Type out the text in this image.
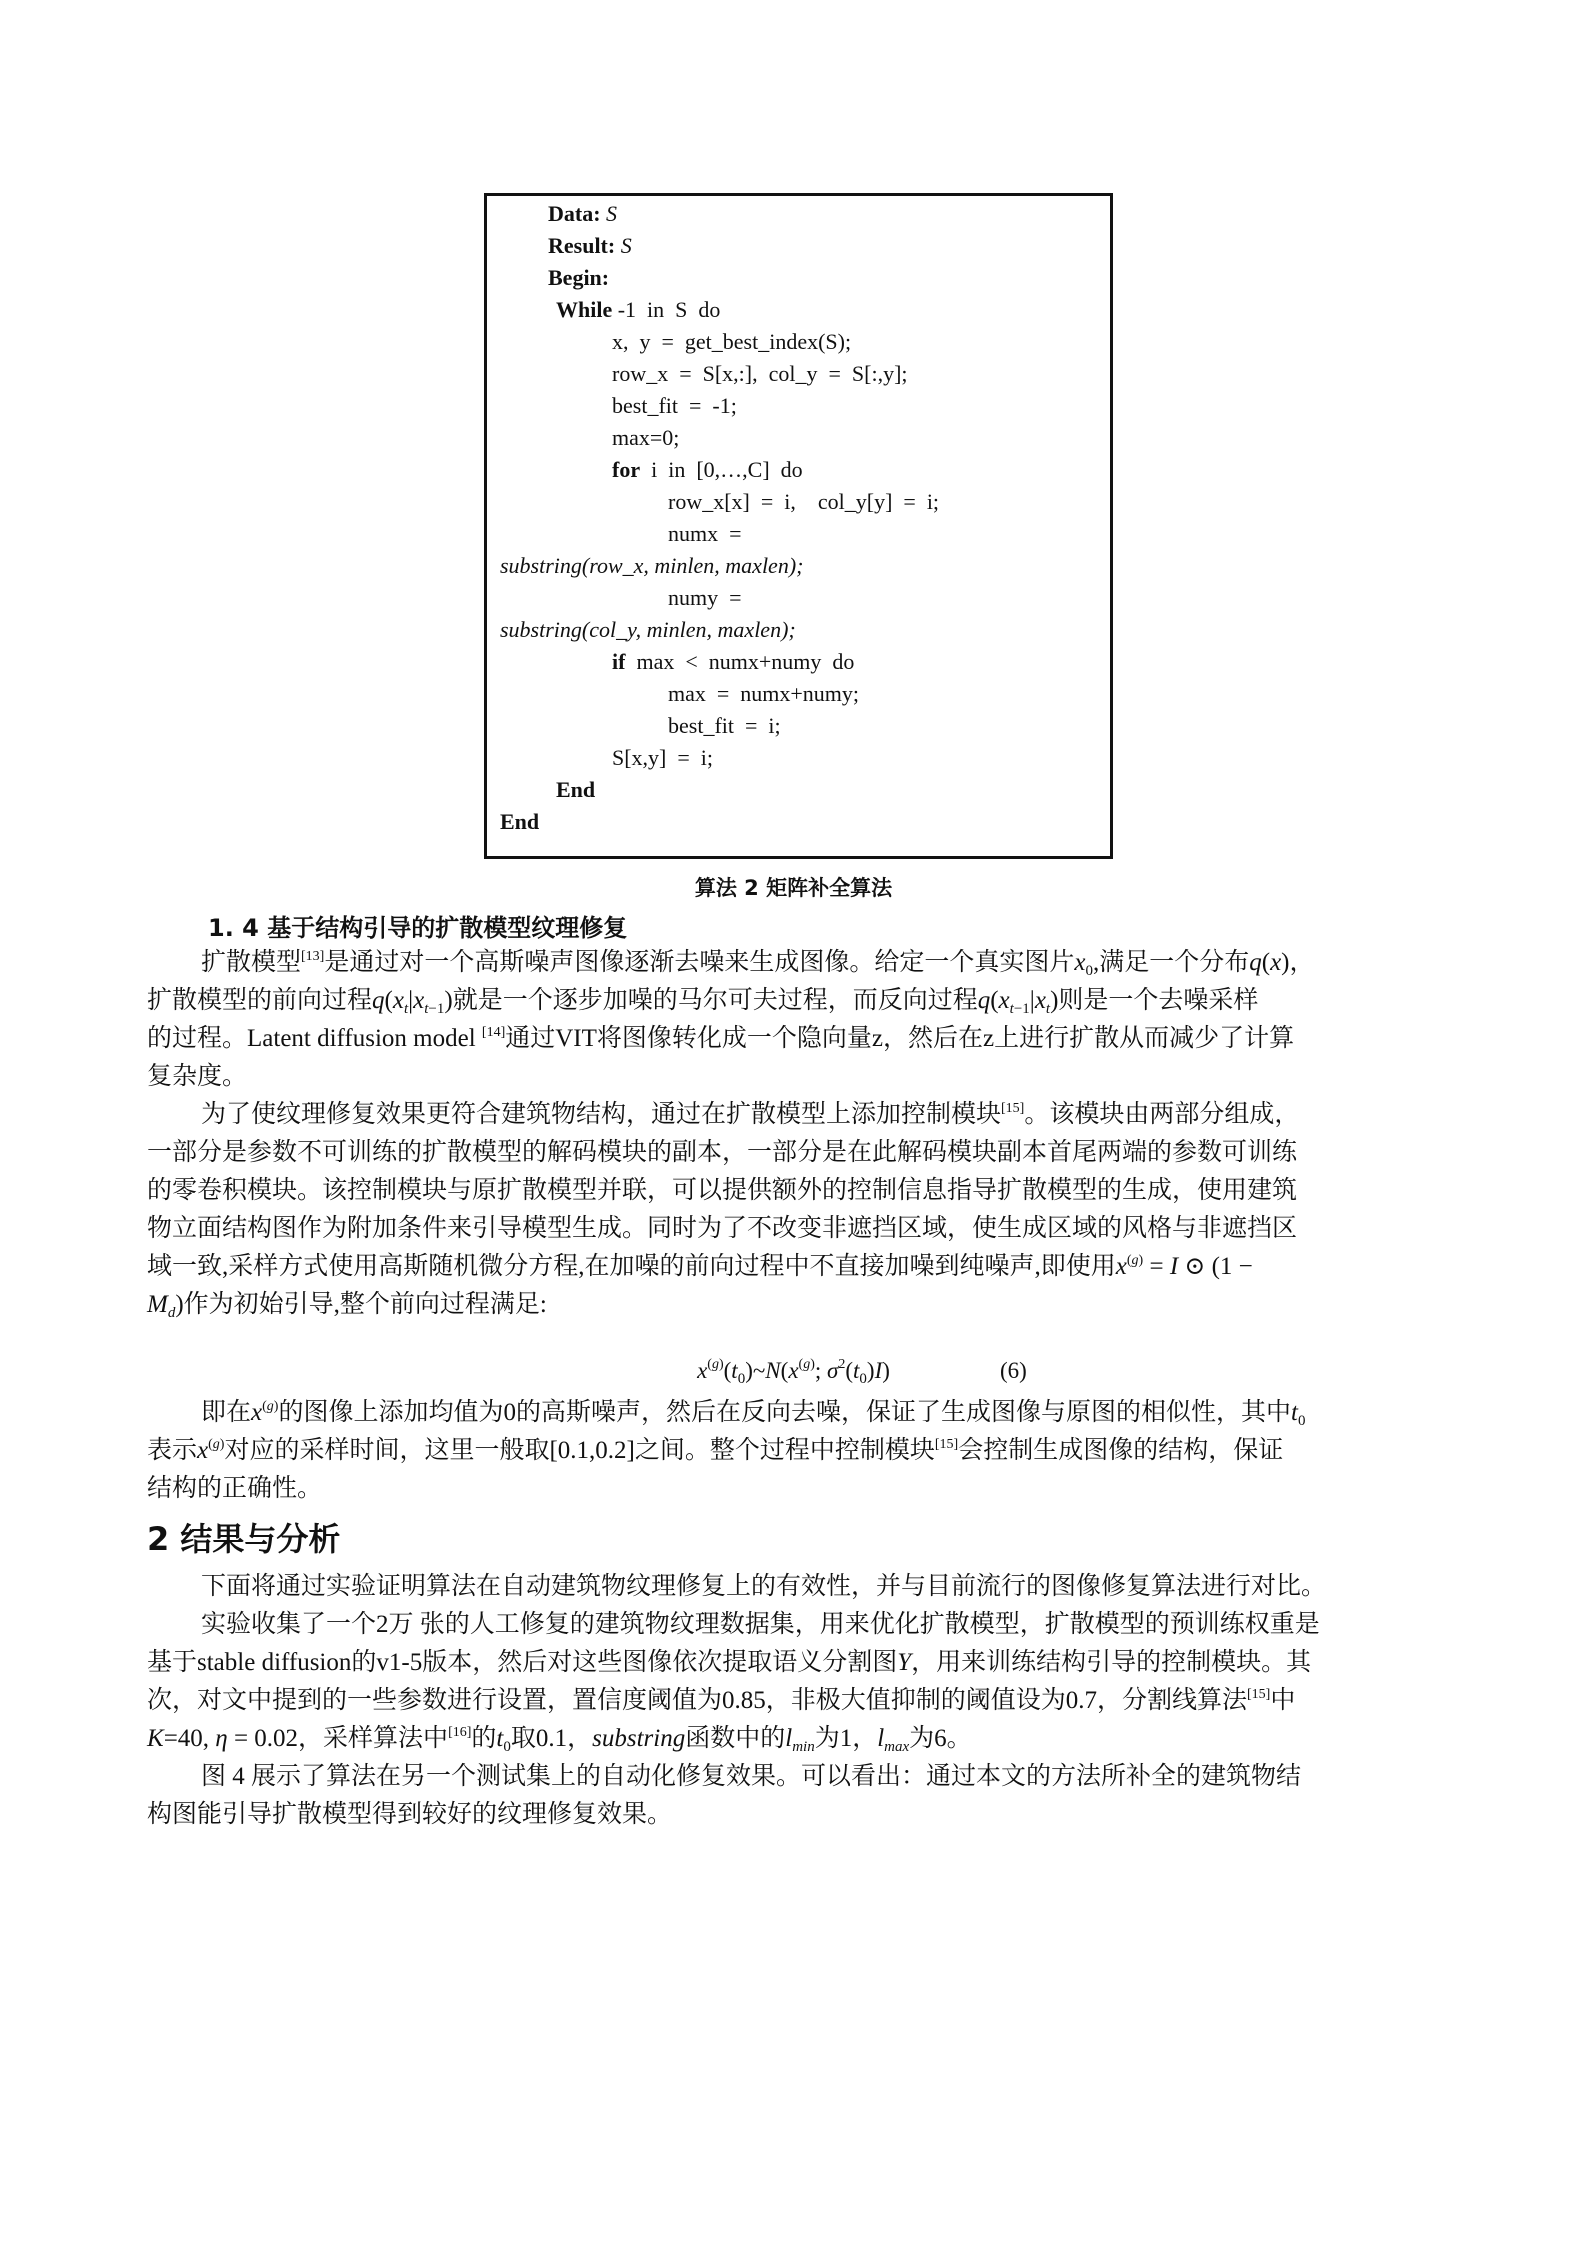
Data: S
Result: S
Begin:
While -1  in  S  do
x,  y  =  get_best_index(S);
row_x  =  S[x,:],  col_y  =  S[:,y];
best_fit  =  -1;
max=0;
for  i  in  [0,…,C]  do
row_x[x]  =  i,    col_y[y]  =  i;
numx  =
substring(row_x, minlen, maxlen);
numy  =
substring(col_y, minlen, maxlen);
if  max  <  numx+numy  do
max  =  numx+numy;
best_fit  =  i;
S[x,y]  =  i;
End
End
算法 2 矩阵补全算法
1. 4 基于结构引导的扩散模型纹理修复
扩散模型[13]是通过对一个高斯噪声图像逐渐去噪来生成图像。给定一个真实图片$x_0$,满足一个分布q(x)，
扩散模型的前向过程$q(x_t|x_{t-1})$就是一个逐步加噪的马尔可夫过程，而反向过程$q(x_{t-1}|x_t)$则是一个去噪采样
的过程。Latent diffusion model [14]通过VIT将图像转化成一个隐向量z，然后在z上进行扩散从而减少了计算
复杂度。
为了使纹理修复效果更符合建筑物结构，通过在扩散模型上添加控制模块[15]。该模块由两部分组成，
一部分是参数不可训练的扩散模型的解码模块的副本，一部分是在此解码模块副本首尾两端的参数可训练
的零卷积模块。该控制模块与原扩散模型并联，可以提供额外的控制信息指导扩散模型的生成，使用建筑
物立面结构图作为附加条件来引导模型生成。同时为了不改变非遮挡区域，使生成区域的风格与非遮挡区
域一致,采样方式使用高斯随机微分方程,在加噪的前向过程中不直接加噪到纯噪声,即使用$x^{(g)} = I$ ⊙ (1 −
$M_d$)作为初始引导,整个前向过程满足:
$x^{(g)}(t_0)\sim N(x^{(g)}$; $\sigma^2(t_0)I$)	(6)
即在$x^{(g)}$的图像上添加均值为0的高斯噪声，然后在反向去噪，保证了生成图像与原图的相似性，其中$t_0$
表示$x^{(g)}$对应的采样时间，这里一般取[0.1,0.2]之间。整个过程中控制模块[15]会控制生成图像的结构，保证
结构的正确性。
2 结果与分析
下面将通过实验证明算法在自动建筑物纹理修复上的有效性，并与目前流行的图像修复算法进行对比。
实验收集了一个2万 张的人工修复的建筑物纹理数据集，用来优化扩散模型，扩散模型的预训练权重是
基于stable diffusion的v1-5版本，然后对这些图像依次提取语义分割图Y，用来训练结构引导的控制模块。其
次，对文中提到的一些参数进行设置，置信度阈值为0.85，非极大值抑制的阈值设为0.7，分割线算法[15]中
K=40, η = 0.02，采样算法中[16]的$t_0$取0.1，substring函数中的$l_{min}$为1，$l_{max}$为6。
图 4 展示了算法在另一个测试集上的自动化修复效果。可以看出：通过本文的方法所补全的建筑物结
构图能引导扩散模型得到较好的纹理修复效果。
